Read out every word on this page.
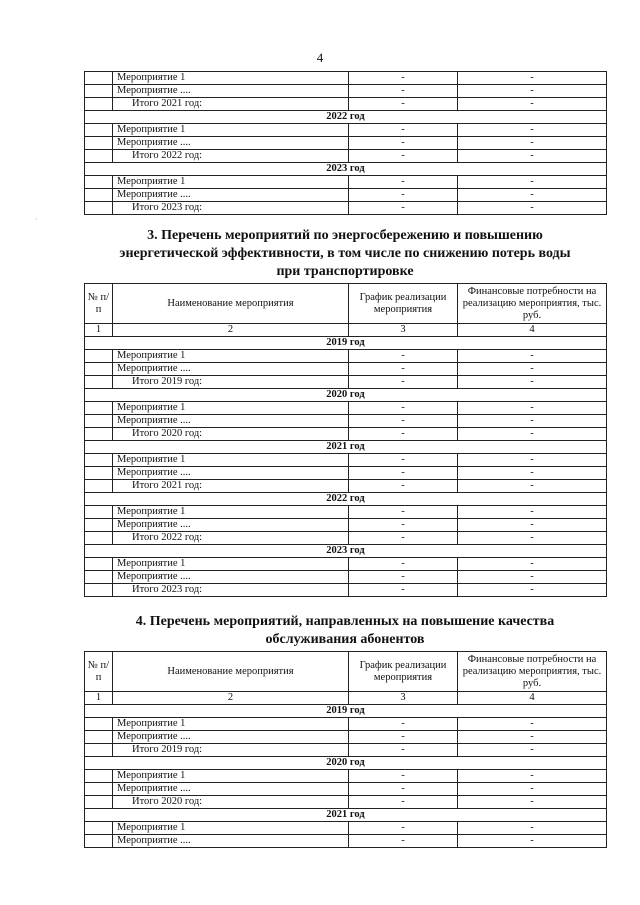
4
·
	Мероприятие 1	-	-
	Мероприятие ....	-	-
	Итого 2021 год:	-	-
2022 год			
	Мероприятие 1	-	-
	Мероприятие ....	-	-
	Итого 2022 год:	-	-
2023 год			
	Мероприятие 1	-	-
	Мероприятие ....	-	-
	Итого 2023 год:	-	-
3. Перечень мероприятий по энергосбережению и повышению
энергетической эффективности, в том числе по снижению потерь воды
при транспортировке
№ п/п	Наименование мероприятия	График реализации мероприятия	Финансовые потребности на реализацию мероприятия, тыс. руб.
1	2	3	4
2019 год			
	Мероприятие 1	-	-
	Мероприятие ....	-	-
	Итого 2019 год:	-	-
2020 год			
	Мероприятие 1	-	-
	Мероприятие ....	-	-
	Итого 2020 год:	-	-
2021 год			
	Мероприятие 1	-	-
	Мероприятие ....	-	-
	Итого 2021 год:	-	-
2022 год			
	Мероприятие 1	-	-
	Мероприятие ....	-	-
	Итого 2022 год:	-	-
2023 год			
	Мероприятие 1	-	-
	Мероприятие ....	-	-
	Итого 2023 год:	-	-
4. Перечень мероприятий, направленных на повышение качества
обслуживания абонентов
№ п/п	Наименование мероприятия	График реализации мероприятия	Финансовые потребности на реализацию мероприятия, тыс. руб.
1	2	3	4
2019 год			
	Мероприятие 1	-	-
	Мероприятие ....	-	-
	Итого 2019 год:	-	-
2020 год			
	Мероприятие 1	-	-
	Мероприятие ....	-	-
	Итого 2020 год:	-	-
2021 год			
	Мероприятие 1	-	-
	Мероприятие ....	-	-
